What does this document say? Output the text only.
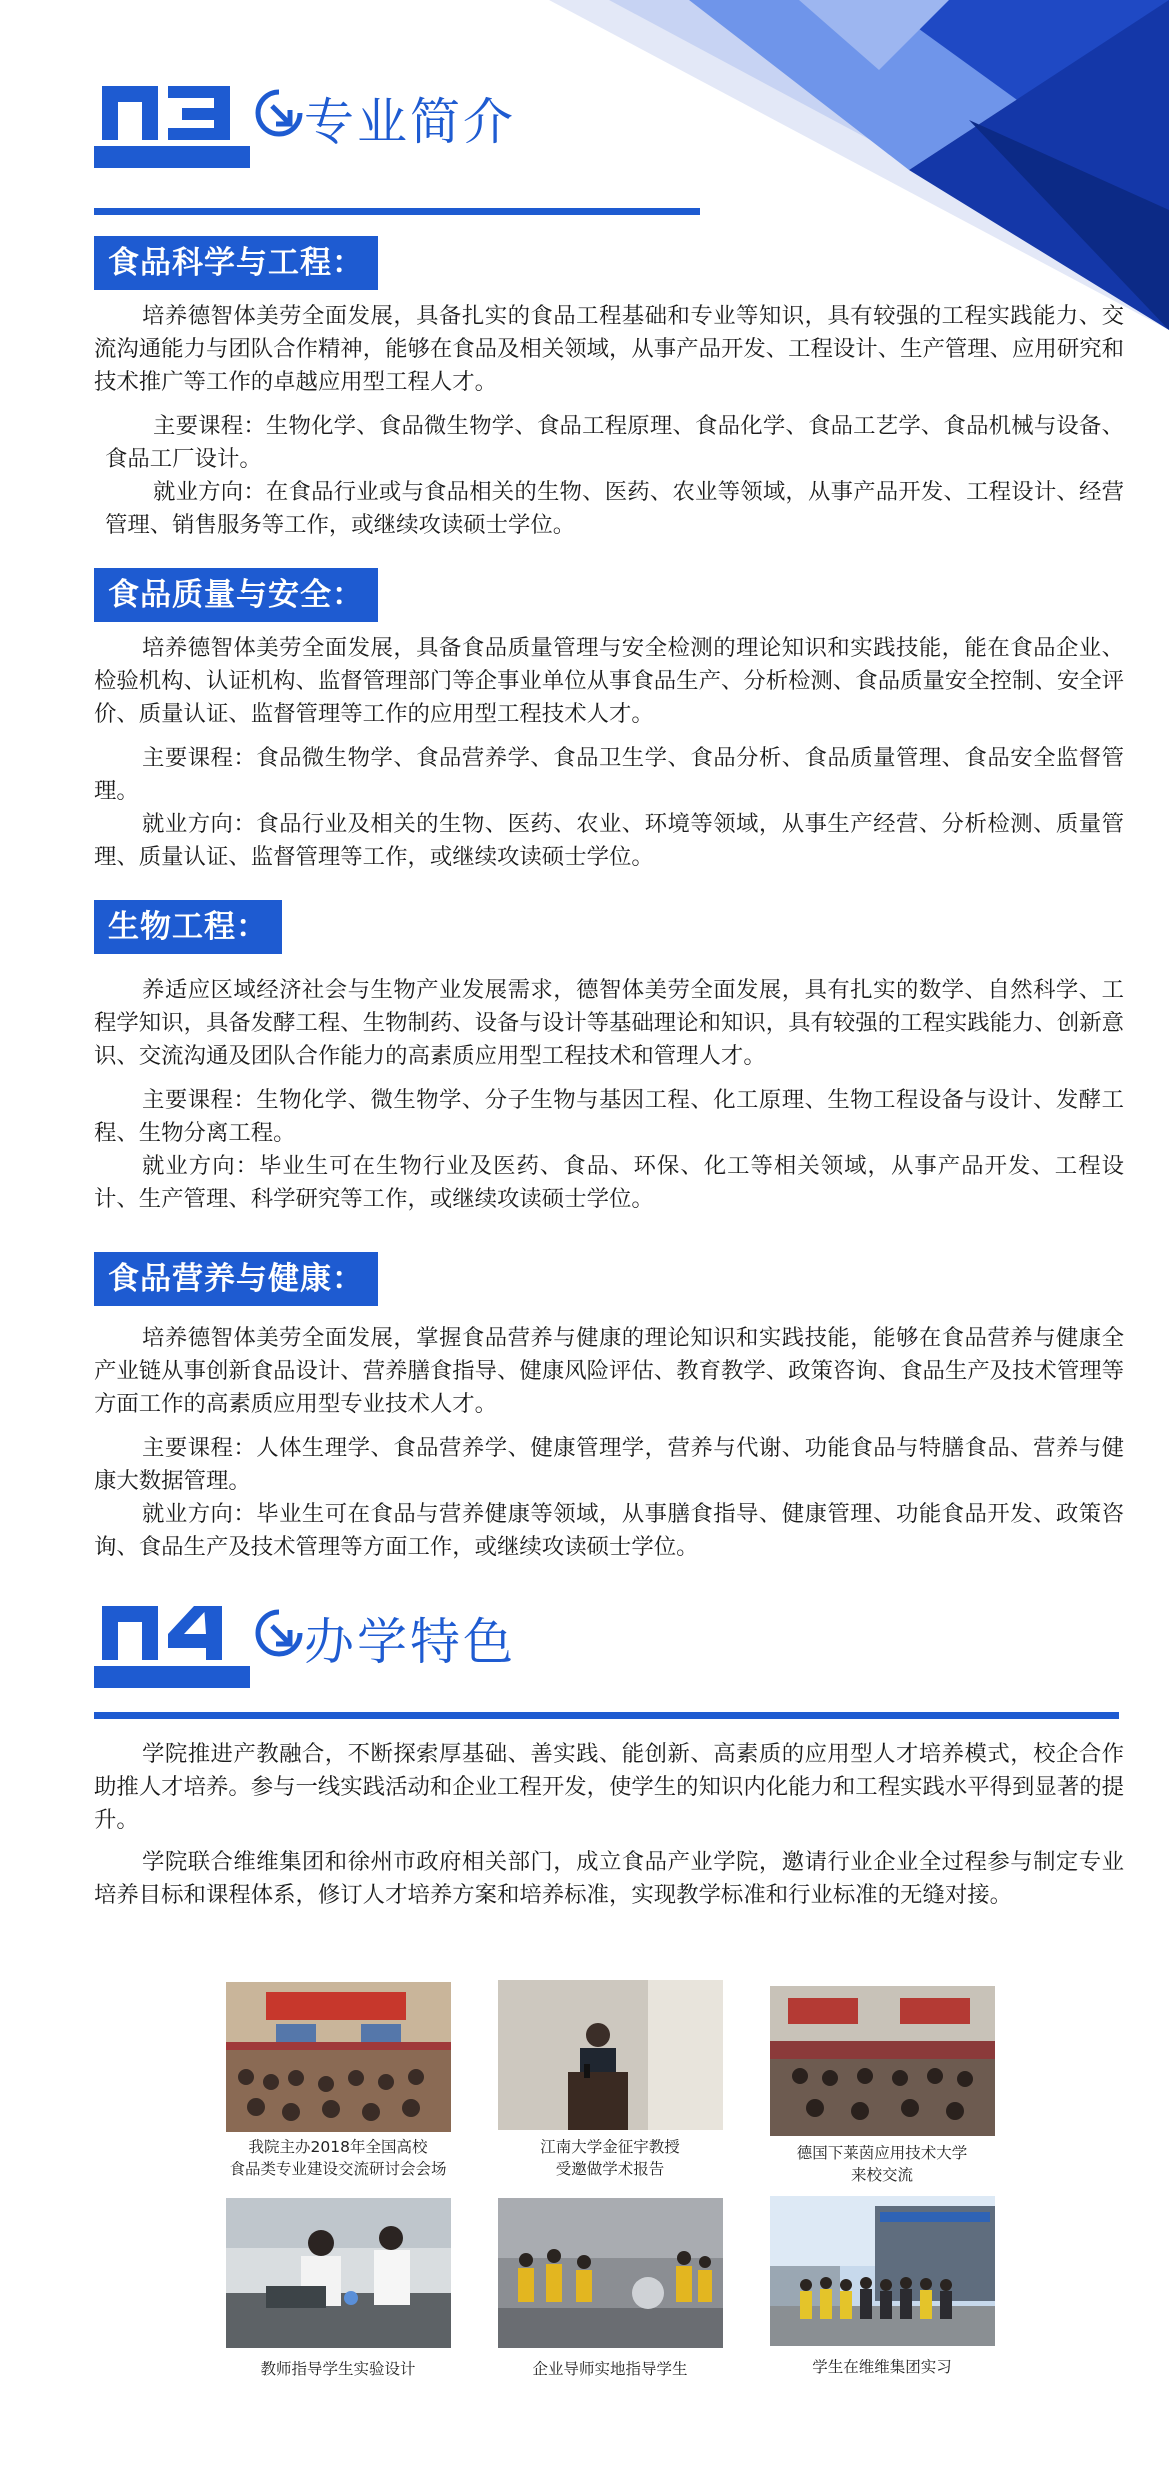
专业简介
食品科学与工程：

培养德智体美劳全面发展，具备扎实的食品工程基础和专业等知识，具有较强的工程实践能力、交流沟通能力与团队合作精神，能够在食品及相关领域，从事产品开发、工程设计、生产管理、应用研究和技术推广等工作的卓越应用型工程人才。

主要课程：生物化学、食品微生物学、食品工程原理、食品化学、食品工艺学、食品机械与设备、食品工厂设计。

就业方向：在食品行业或与食品相关的生物、医药、农业等领域，从事产品开发、工程设计、经营管理、销售服务等工作，或继续攻读硕士学位。

食品质量与安全：

培养德智体美劳全面发展，具备食品质量管理与安全检测的理论知识和实践技能，能在食品企业、检验机构、认证机构、监督管理部门等企事业单位从事食品生产、分析检测、食品质量安全控制、安全评价、质量认证、监督管理等工作的应用型工程技术人才。

主要课程：食品微生物学、食品营养学、食品卫生学、食品分析、食品质量管理、食品安全监督管理。

就业方向：食品行业及相关的生物、医药、农业、环境等领域，从事生产经营、分析检测、质量管理、质量认证、监督管理等工作，或继续攻读硕士学位。

生物工程：

养适应区域经济社会与生物产业发展需求，德智体美劳全面发展，具有扎实的数学、自然科学、工程学知识，具备发酵工程、生物制药、设备与设计等基础理论和知识，具有较强的工程实践能力、创新意识、交流沟通及团队合作能力的高素质应用型工程技术和管理人才。

主要课程：生物化学、微生物学、分子生物与基因工程、化工原理、生物工程设备与设计、发酵工程、生物分离工程。

就业方向：毕业生可在生物行业及医药、食品、环保、化工等相关领域，从事产品开发、工程设计、生产管理、科学研究等工作，或继续攻读硕士学位。

食品营养与健康：

培养德智体美劳全面发展，掌握食品营养与健康的理论知识和实践技能，能够在食品营养与健康全产业链从事创新食品设计、营养膳食指导、健康风险评估、教育教学、政策咨询、食品生产及技术管理等方面工作的高素质应用型专业技术人才。

主要课程：人体生理学、食品营养学、健康管理学，营养与代谢、功能食品与特膳食品、营养与健康大数据管理。

就业方向：毕业生可在食品与营养健康等领域，从事膳食指导、健康管理、功能食品开发、政策咨询、食品生产及技术管理等方面工作，或继续攻读硕士学位。

办学特色

学院推进产教融合，不断探索厚基础、善实践、能创新、高素质的应用型人才培养模式，校企合作助推人才培养。参与一线实践活动和企业工程开发，使学生的知识内化能力和工程实践水平得到显著的提升。

学院联合维维集团和徐州市政府相关部门，成立食品产业学院，邀请行业企业全过程参与制定专业培养目标和课程体系，修订人才培养方案和培养标准，实现教学标准和行业标准的无缝对接。

我院主办2018年全国高校
食品类专业建设交流研讨会会场
江南大学金征宇教授
受邀做学术报告
德国下莱茵应用技术大学
来校交流
教师指导学生实验设计	企业导师实地指导学生	学生在维维集团实习
